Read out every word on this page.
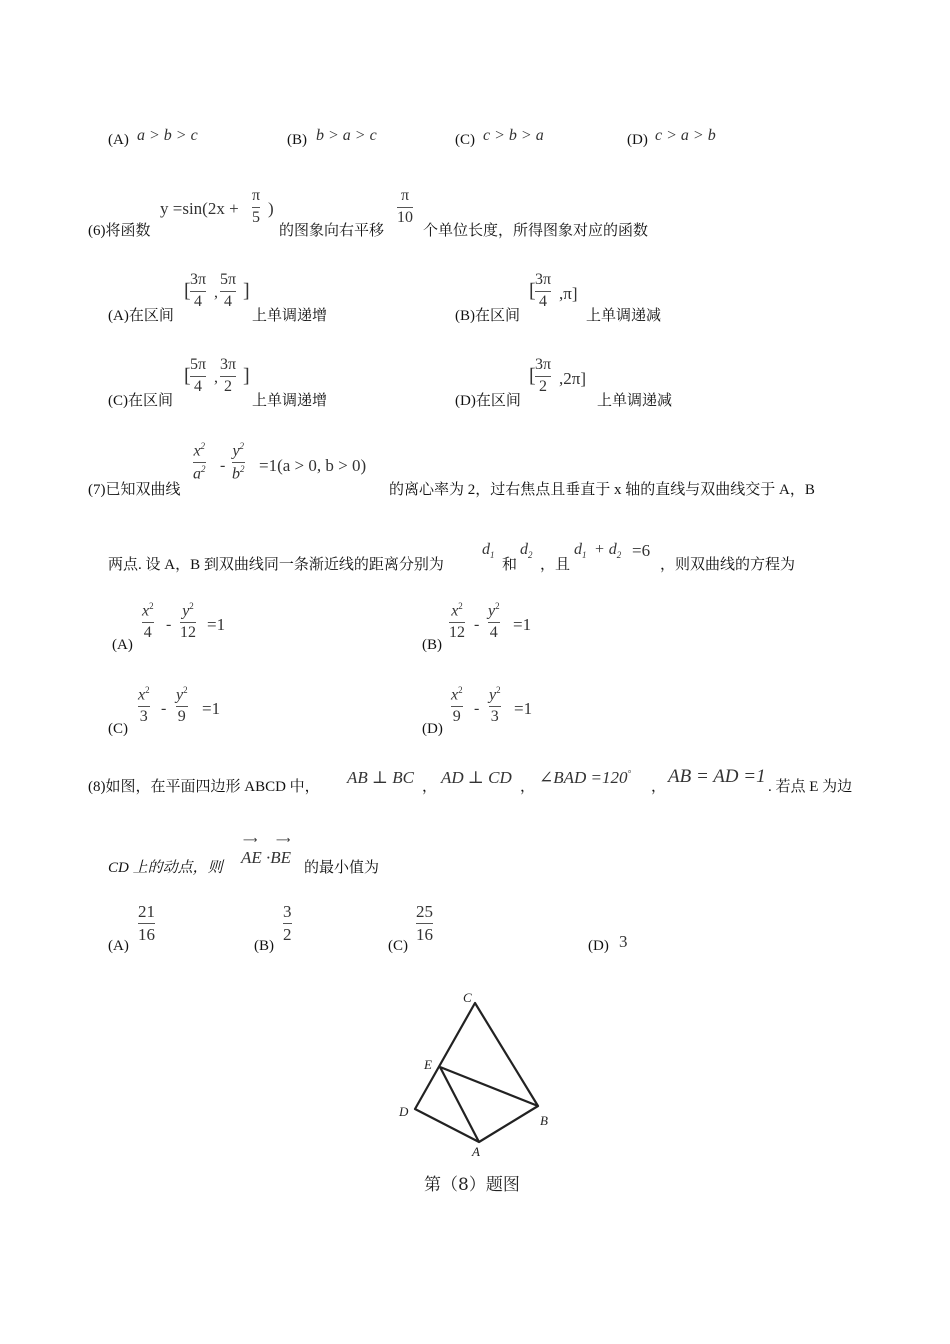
(A) a > b > c	(B) b > a > c	(C) c > b > a	(D) c > a > b
(6)将函数
y =sin(2x +
π
5 )
的图象向右平移
π
10
个单位长度，所得图象对应的函数
(A)在区间
[
3π
4
,
5π
4 ]
上单调递增	(B)在区间
[
3π
4 ,π]
上单调递减
(C)在区间
[
5π
4
,
3π
2 ]
上单调递增	(D)在区间
[
3π
2 ,2π]
上单调递减
(7)已知双曲线
$x^2$
$a^2$ -
$y^2$
$b^2 =1(a > 0$, b > 0)
的离心率为 2，过右焦点且垂直于 x 轴的直线与双曲线交于 A，B
两点. 设 A，B 到双曲线同一条渐近线的距离分别为
$d_1$
和
$d_2$
，且
$d_1 + d_2 =6$
，则双曲线的方程为
(A)
$x^2$
4 -
$y^2$
12 =1
(B)
$x^2$
12 -
$y^2$
4 =1
(C)
$x^2$
3 -
$y^2$
9 =1
(D)
$x^2$
9 -
$y^2$
3 =1
(8)如图，在平面四边形 ABCD 中， AB ⊥ BC ， AD ⊥ CD ， ∠BAD =120°
， AB = AD =1 . 若点 E 为边
CD 上的动点，则
⟶ ⟶
AE ·BE
的最小值为
(A)
21
16
(B)
3
2
(C)
25
16
(D) 3
C
E
D
B
A
第（8）题图
